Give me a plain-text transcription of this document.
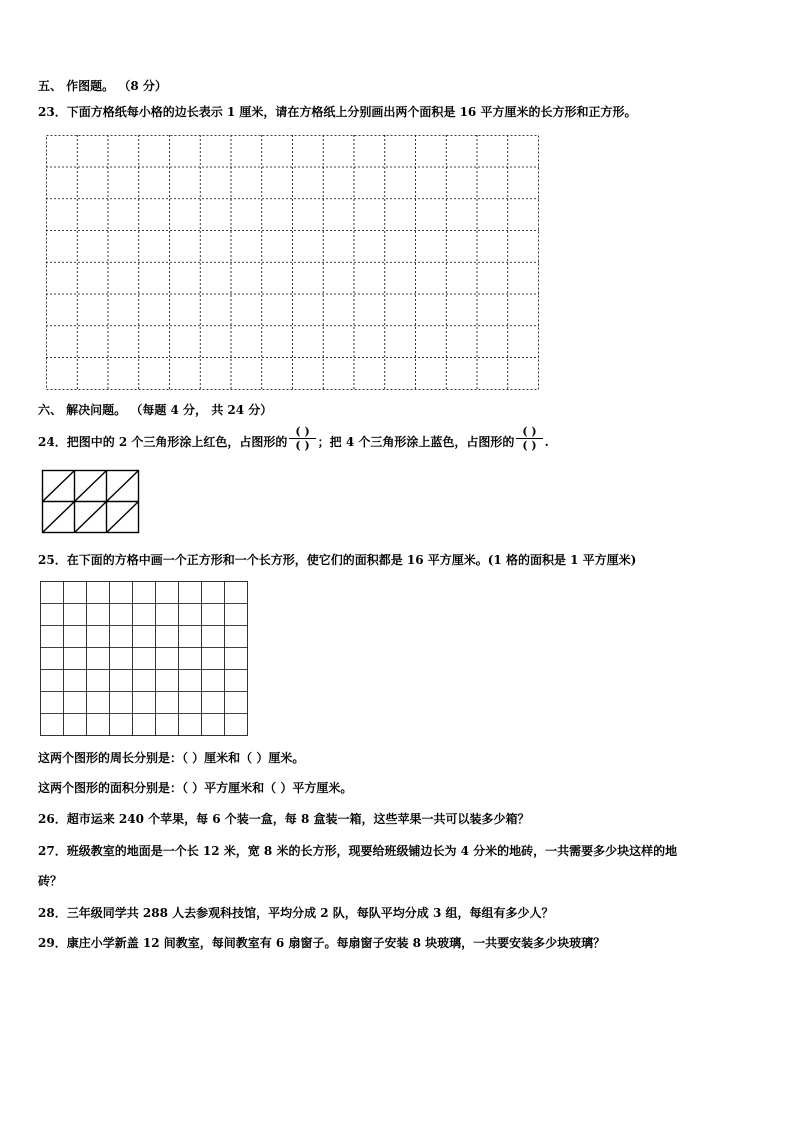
五、 作图题。 （8 分）
23．下面方格纸每小格的边长表示 1 厘米，请在方格纸上分别画出两个面积是 16 平方厘米的长方形和正方形。
六、 解决问题。 （每题 4 分， 共 24 分）
24．把图中的 2 个三角形涂上红色，占图形的 $\frac{( )}{( )}$ ；把 4 个三角形涂上蓝色，占图形的 $\frac{( )}{( )}$ .
25．在下面的方格中画一个正方形和一个长方形，使它们的面积都是 16 平方厘米。(1 格的面积是 1 平方厘米)
这两个图形的周长分别是：（ ）厘米和（ ）厘米。
这两个图形的面积分别是：（ ）平方厘米和（ ）平方厘米。
26．超市运来 240 个苹果，每 6 个装一盒，每 8 盒装一箱，这些苹果一共可以装多少箱？
27．班级教室的地面是一个长 12 米，宽 8 米的长方形，现要给班级铺边长为 4 分米的地砖，一共需要多少块这样的地
砖？
28．三年级同学共 288 人去参观科技馆，平均分成 2 队，每队平均分成 3 组，每组有多少人？
29．康庄小学新盖 12 间教室，每间教室有 6 扇窗子。每扇窗子安装 8 块玻璃，一共要安装多少块玻璃？
